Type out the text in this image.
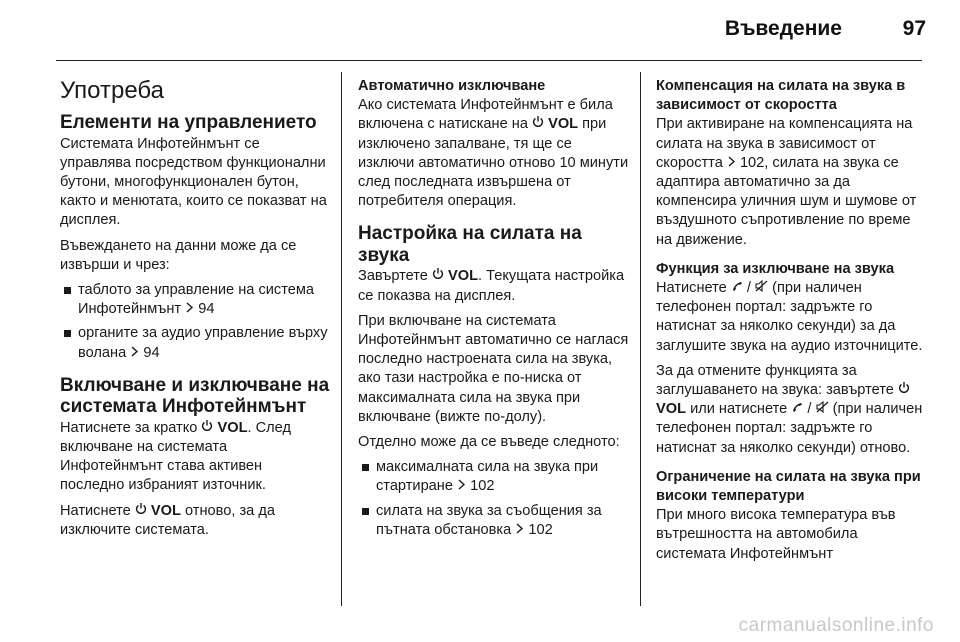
Въведение	97
Употреба
Елементи на управлението

Системата Инфотейнмънт се управлява посредством функционални бутони, многофункционален бутон, както и менютата, които се показват на дисплея.

Въвеждането на данни може да се извърши и чрез:

таблото за управление на система Инфотейнмънт 94
органите за аудио управление върху волана 94
Включване и изключване на системата Инфотейнмънт

Натиснете за кратко VOL. След включване на системата Инфотейнмънт става активен последно избраният източник.

Натиснете VOL отново, за да изключите системата.

Автоматично изключване

Ако системата Инфотейнмънт е била включена с натискане на VOL при изключено запалване, тя ще се изключи автоматично отново 10 минути след последната извършена от потребителя операция.

Настройка на силата на звука

Завъртете VOL. Текущата настройка се показва на дисплея.

При включване на системата Инфотейнмънт автоматично се наглася последно настроената сила на звука, ако тази настройка е по-ниска от максималната сила на звука при включване (вижте по-долу).

Отделно може да се въведе следното:

максималната сила на звука при стартиране 102
силата на звука за съобщения за пътната обстановка 102
Компенсация на силата на звука в зависимост от скоростта

При активиране на компенсацията на силата на звука в зависимост от скоростта 102, силата на звука се адаптира автоматично за да компенсира уличния шум и шумове от въздушното съпротивление по време на движение.

Функция за изключване на звука

Натиснете / (при наличен телефонен портал: задръжте го натиснат за няколко секунди) за да заглушите звука на аудио източниците.

За да отмените функцията за заглушаването на звука: завъртете  VOL или натиснете / (при наличен телефонен портал: задръжте го натиснат за няколко секунди) отново.

Ограничение на силата на звука при високи температури

При много висока температура във вътрешността на автомобила системата Инфотейнмънт

carmanualsonline.info
